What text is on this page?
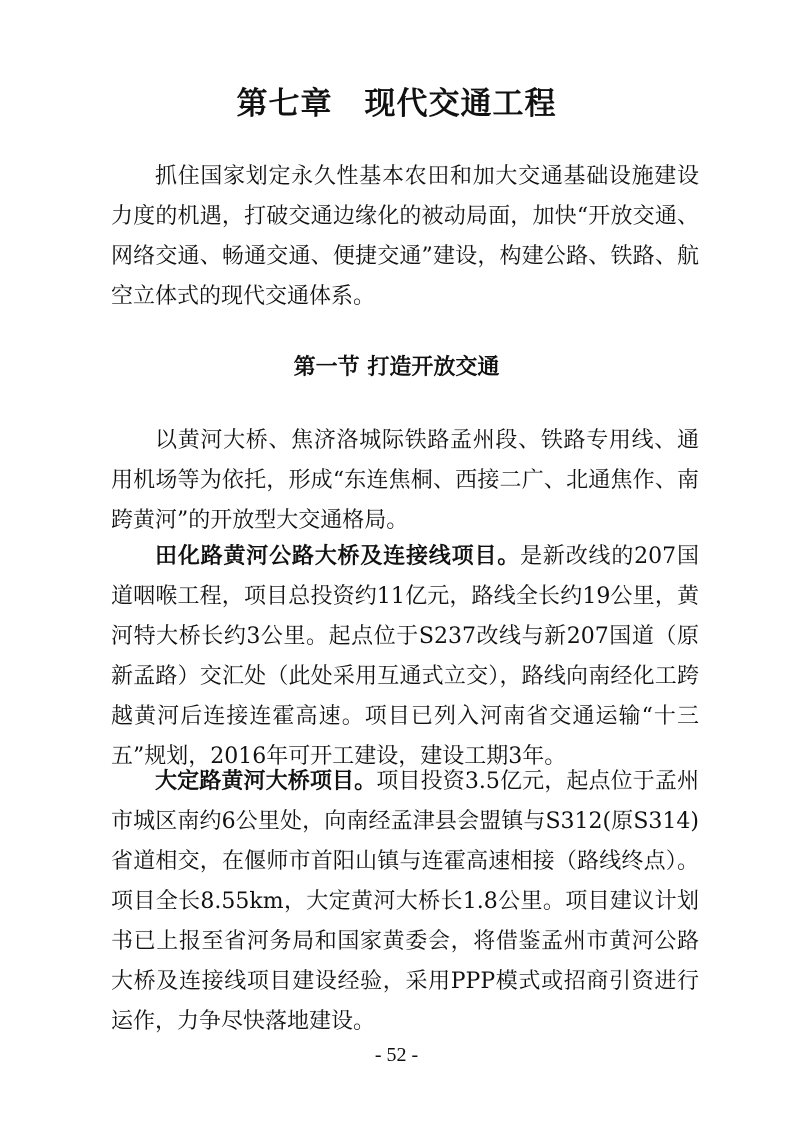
第七章　现代交通工程
抓住国家划定永久性基本农田和加大交通基础设施建设力度的机遇，打破交通边缘化的被动局面，加快“开放交通、网络交通、畅通交通、便捷交通”建设，构建公路、铁路、航空立体式的现代交通体系。
第一节 打造开放交通
以黄河大桥、焦济洛城际铁路孟州段、铁路专用线、通用机场等为依托，形成“东连焦桐、西接二广、北通焦作、南跨黄河”的开放型大交通格局。
田化路黄河公路大桥及连接线项目。是新改线的207国道咽喉工程，项目总投资约11亿元，路线全长约19公里，黄河特大桥长约3公里。起点位于S237改线与新207国道（原新孟路）交汇处（此处采用互通式立交），路线向南经化工跨越黄河后连接连霍高速。项目已列入河南省交通运输“十三五”规划，2016年可开工建设，建设工期3年。
大定路黄河大桥项目。项目投资3.5亿元，起点位于孟州市城区南约6公里处，向南经孟津县会盟镇与S312(原S314)省道相交，在偃师市首阳山镇与连霍高速相接（路线终点）。项目全长8.55km，大定黄河大桥长1.8公里。项目建议计划书已上报至省河务局和国家黄委会，将借鉴孟州市黄河公路大桥及连接线项目建设经验，采用PPP模式或招商引资进行运作，力争尽快落地建设。
- 52 -
